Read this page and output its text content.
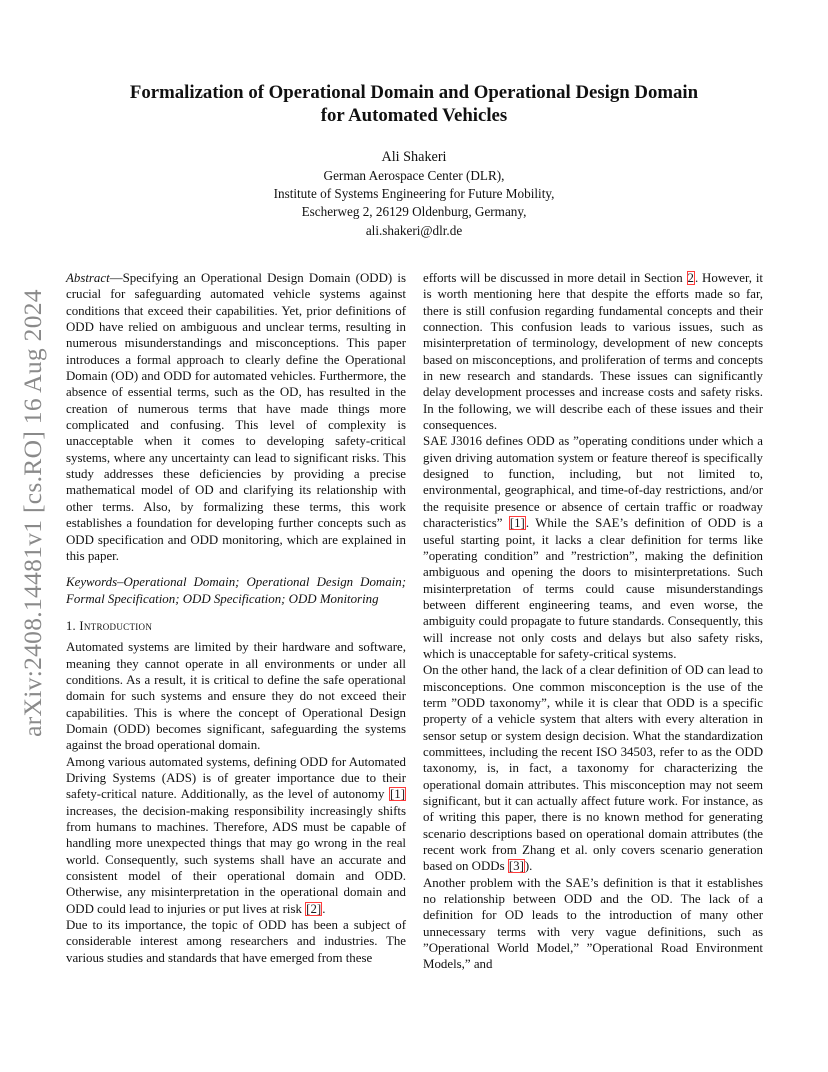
arXiv:2408.14481v1 [cs.RO] 16 Aug 2024
Formalization of Operational Domain and Operational Design Domain
for Automated Vehicles
Ali Shakeri
German Aerospace Center (DLR),
Institute of Systems Engineering for Future Mobility,
Escherweg 2, 26129 Oldenburg, Germany,
ali.shakeri@dlr.de

Abstract—Specifying an Operational Design Domain (ODD) is crucial for safeguarding automated vehicle systems against conditions that exceed their capabilities. Yet, prior definitions of ODD have relied on ambiguous and unclear terms, resulting in numerous misunderstandings and misconceptions. This paper introduces a formal approach to clearly define the Operational Domain (OD) and ODD for automated vehicles. Furthermore, the absence of essential terms, such as the OD, has resulted in the creation of numerous terms that have made things more complicated and confusing. This level of complexity is unacceptable when it comes to developing safety-critical systems, where any uncertainty can lead to significant risks. This study addresses these deficiencies by providing a precise mathematical model of OD and clarifying its relationship with other terms. Also, by formalizing these terms, this work establishes a foundation for developing further concepts such as ODD specification and ODD monitoring, which are explained in this paper.

Keywords–Operational Domain; Operational Design Domain; Formal Specification; ODD Specification; ODD Monitoring

1. Introduction

Automated systems are limited by their hardware and software, meaning they cannot operate in all environments or under all conditions. As a result, it is critical to define the safe operational domain for such systems and ensure they do not exceed their capabilities. This is where the concept of Operational Design Domain (ODD) becomes significant, safeguarding the systems against the broad operational domain.

Among various automated systems, defining ODD for Automated Driving Systems (ADS) is of greater importance due to their safety-critical nature. Additionally, as the level of autonomy [1] increases, the decision-making responsibility increasingly shifts from humans to machines. Therefore, ADS must be capable of handling more unexpected things that may go wrong in the real world. Consequently, such systems shall have an accurate and consistent model of their operational domain and ODD. Otherwise, any misinterpretation in the operational domain and ODD could lead to injuries or put lives at risk [2].

Due to its importance, the topic of ODD has been a subject of considerable interest among researchers and industries. The various studies and standards that have emerged from these

efforts will be discussed in more detail in Section 2. However, it is worth mentioning here that despite the efforts made so far, there is still confusion regarding fundamental concepts and their connection. This confusion leads to various issues, such as misinterpretation of terminology, development of new concepts based on misconceptions, and proliferation of terms and concepts in new research and standards. These issues can significantly delay development processes and increase costs and safety risks. In the following, we will describe each of these issues and their consequences.

SAE J3016 defines ODD as ”operating conditions under which a given driving automation system or feature thereof is specifically designed to function, including, but not limited to, environmental, geographical, and time-of-day restrictions, and/or the requisite presence or absence of certain traffic or roadway characteristics” [1]. While the SAE’s definition of ODD is a useful starting point, it lacks a clear definition for terms like ”operating condition” and ”restriction”, making the definition ambiguous and opening the doors to misinterpretations. Such misinterpretation of terms could cause misunderstandings between different engineering teams, and even worse, the ambiguity could propagate to future standards. Consequently, this will increase not only costs and delays but also safety risks, which is unacceptable for safety-critical systems.

On the other hand, the lack of a clear definition of OD can lead to misconceptions. One common misconception is the use of the term ”ODD taxonomy”, while it is clear that ODD is a specific property of a vehicle system that alters with every alteration in sensor setup or system design decision. What the standardization committees, including the recent ISO 34503, refer to as the ODD taxonomy, is, in fact, a taxonomy for characterizing the operational domain attributes. This misconception may not seem significant, but it can actually affect future work. For instance, as of writing this paper, there is no known method for generating scenario descriptions based on operational domain attributes (the recent work from Zhang et al. only covers scenario generation based on ODDs [3]).

Another problem with the SAE’s definition is that it establishes no relationship between ODD and the OD. The lack of a definition for OD leads to the introduction of many other unnecessary terms with very vague definitions, such as ”Operational World Model,” ”Operational Road Environment Models,” and
